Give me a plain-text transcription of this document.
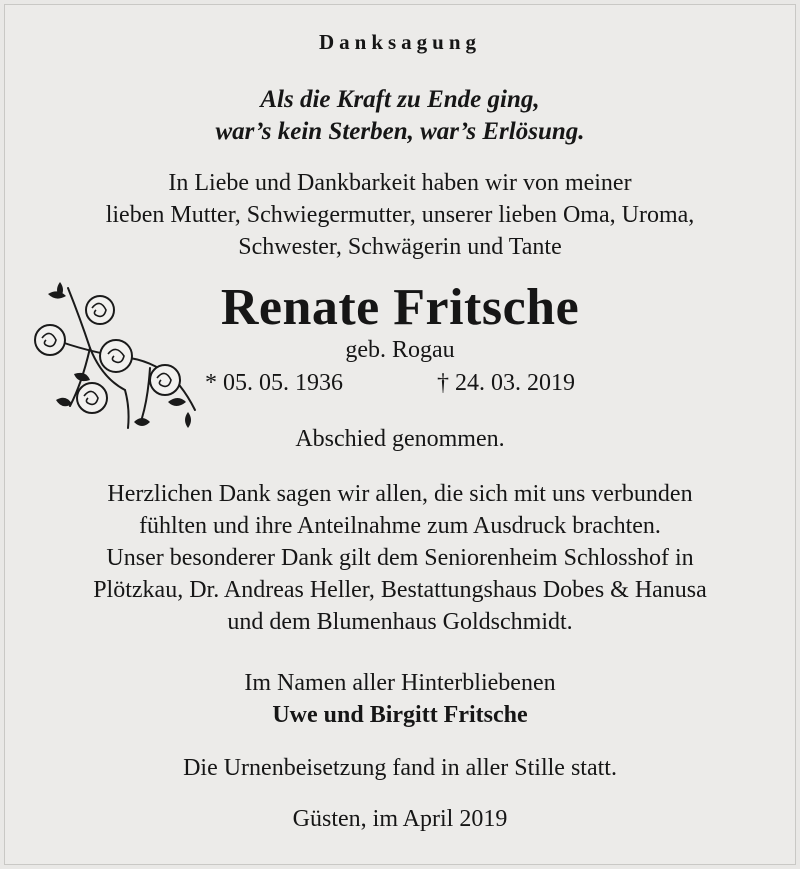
Danksagung
Als die Kraft zu Ende ging,
war’s kein Sterben, war’s Erlösung.
In Liebe und Dankbarkeit haben wir von meiner
lieben Mutter, Schwiegermutter, unserer lieben Oma, Uroma,
Schwester, Schwägerin und Tante
Renate Fritsche
geb. Rogau
* 05. 05. 1936	† 24. 03. 2019
Abschied genommen.
Herzlichen Dank sagen wir allen, die sich mit uns verbunden
fühlten und ihre Anteilnahme zum Ausdruck brachten.
Unser besonderer Dank gilt dem Seniorenheim Schlosshof in
Plötzkau, Dr. Andreas Heller, Bestattungshaus Dobes & Hanusa
und dem Blumenhaus Goldschmidt.
Im Namen aller Hinterbliebenen
Uwe und Birgitt Fritsche
Die Urnenbeisetzung fand in aller Stille statt.
Güsten, im April 2019
